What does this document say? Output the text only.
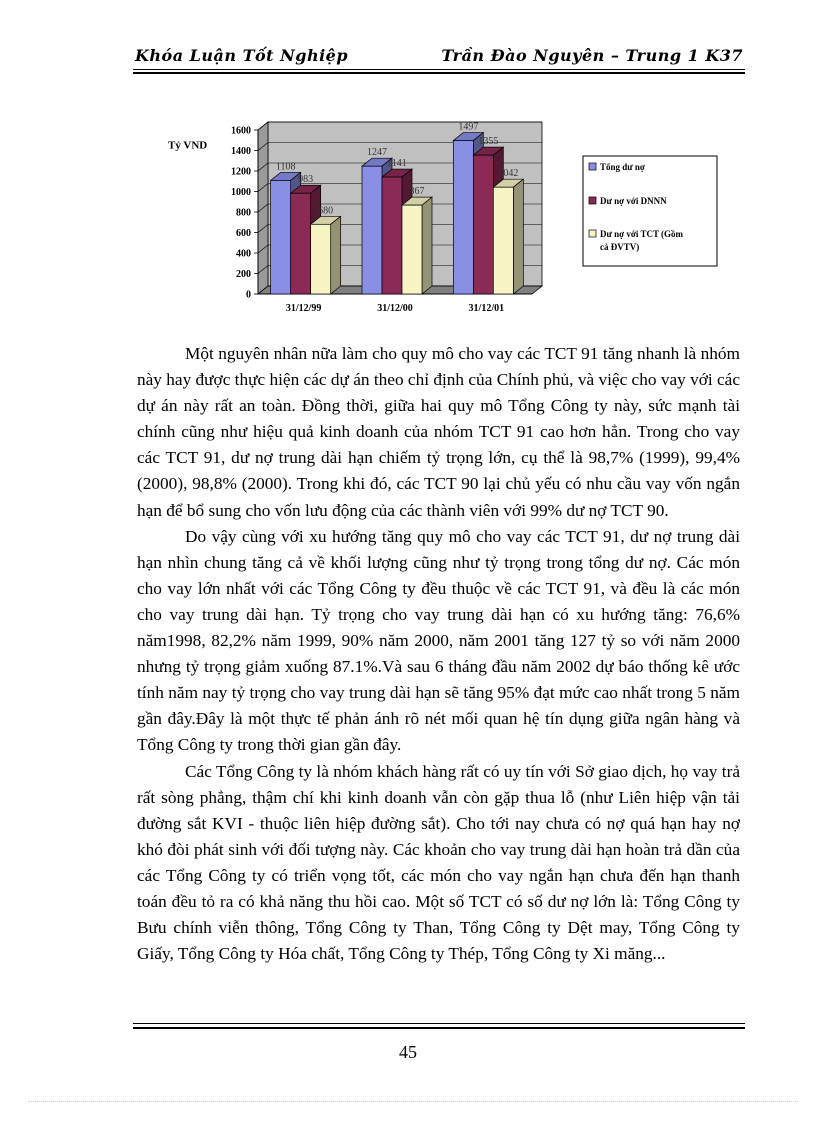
Khóa Luận Tốt Nghiệp	Trần Đào Nguyên – Trung 1 K37
0
200
400
600
800
1000
1200
1400
1600
Tỷ VND
1108
983
680
31/12/99
1247
1141
867
31/12/00
1497
1355
1042
31/12/01
Tổng dư nợ
Dư nợ với DNNN
Dư nợ với TCT (Gồm cả ĐVTV)

Một nguyên nhân nữa làm cho quy mô cho vay các TCT 91 tăng nhanh là nhóm này hay được thực hiện các dự án theo chỉ định của Chính phủ, và việc cho vay với các dự án này rất an toàn. Đồng thời, giữa hai quy mô Tổng Công ty này, sức mạnh tài chính cũng như hiệu quả kinh doanh của nhóm TCT 91 cao hơn hẳn. Trong cho vay các TCT 91, dư nợ trung dài hạn chiếm tỷ trọng lớn, cụ thể là 98,7% (1999), 99,4% (2000), 98,8% (2000). Trong khi đó, các TCT 90 lại chủ yếu có nhu cầu vay vốn ngắn hạn để bổ sung cho vốn lưu động của các thành viên với 99% dư nợ TCT 90.

Do vậy cùng với xu hướng tăng quy mô cho vay các TCT 91, dư nợ trung dài hạn nhìn chung tăng cả về khối lượng cũng như tỷ trọng trong tổng dư nợ. Các món cho vay lớn nhất với các Tổng Công ty đều thuộc về các TCT 91, và đều là các món cho vay trung dài hạn. Tỷ trọng cho vay trung dài hạn có xu hướng tăng: 76,6% năm1998, 82,2% năm 1999, 90% năm 2000, năm 2001 tăng 127 tỷ so với năm 2000 nhưng tỷ trọng giảm xuống 87.1%.Và sau 6 tháng đầu năm 2002 dự báo thống kê ước tính năm nay tỷ trọng cho vay trung dài hạn sẽ tăng 95% đạt mức cao nhất trong 5 năm gần đây.Đây là một thực tế phản ánh rõ nét mối quan hệ tín dụng giữa ngân hàng và Tổng Công ty trong thời gian gần đây.

Các Tổng Công ty là nhóm khách hàng rất có uy tín với Sở giao dịch, họ vay trả rất sòng phẳng, thậm chí khi kinh doanh vẫn còn gặp thua lỗ (như Liên hiệp vận tải đường sắt KVI - thuộc liên hiệp đường sắt). Cho tới nay chưa có nợ quá hạn hay nợ khó đòi phát sinh với đối tượng này. Các khoản cho vay trung dài hạn hoàn trả dần của các Tổng Công ty có triển vọng tốt, các món cho vay ngắn hạn chưa đến hạn thanh toán đều tỏ ra có khả năng thu hồi cao. Một số TCT có số dư nợ lớn là: Tổng Công ty Bưu chính viễn thông, Tổng Công ty Than, Tổng Công ty Dệt may, Tổng Công ty Giấy, Tổng Công ty Hóa chất, Tổng Công ty Thép, Tổng Công ty Xi măng...

45
